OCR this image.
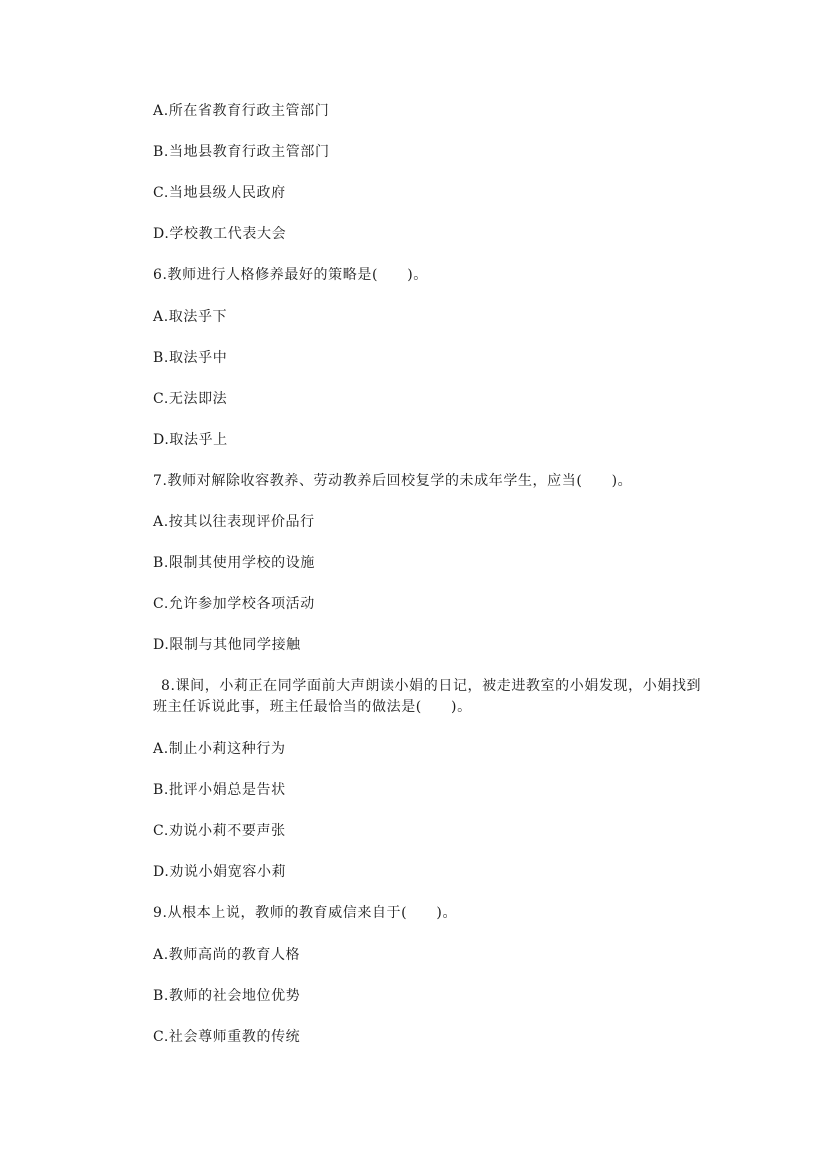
A.所在省教育行政主管部门
B.当地县教育行政主管部门
C.当地县级人民政府
D.学校教工代表大会
6.教师进行人格修养最好的策略是(　　)。
A.取法乎下
B.取法乎中
C.无法即法
D.取法乎上
7.教师对解除收容教养、劳动教养后回校复学的未成年学生，应当(　　)。
A.按其以往表现评价品行
B.限制其使用学校的设施
C.允许参加学校各项活动
D.限制与其他同学接触
8.课间，小莉正在同学面前大声朗读小娟的日记，被走进教室的小娟发现，小娟找到
班主任诉说此事，班主任最恰当的做法是(　　)。
A.制止小莉这种行为
B.批评小娟总是告状
C.劝说小莉不要声张
D.劝说小娟宽容小莉
9.从根本上说，教师的教育威信来自于(　　)。
A.教师高尚的教育人格
B.教师的社会地位优势
C.社会尊师重教的传统
